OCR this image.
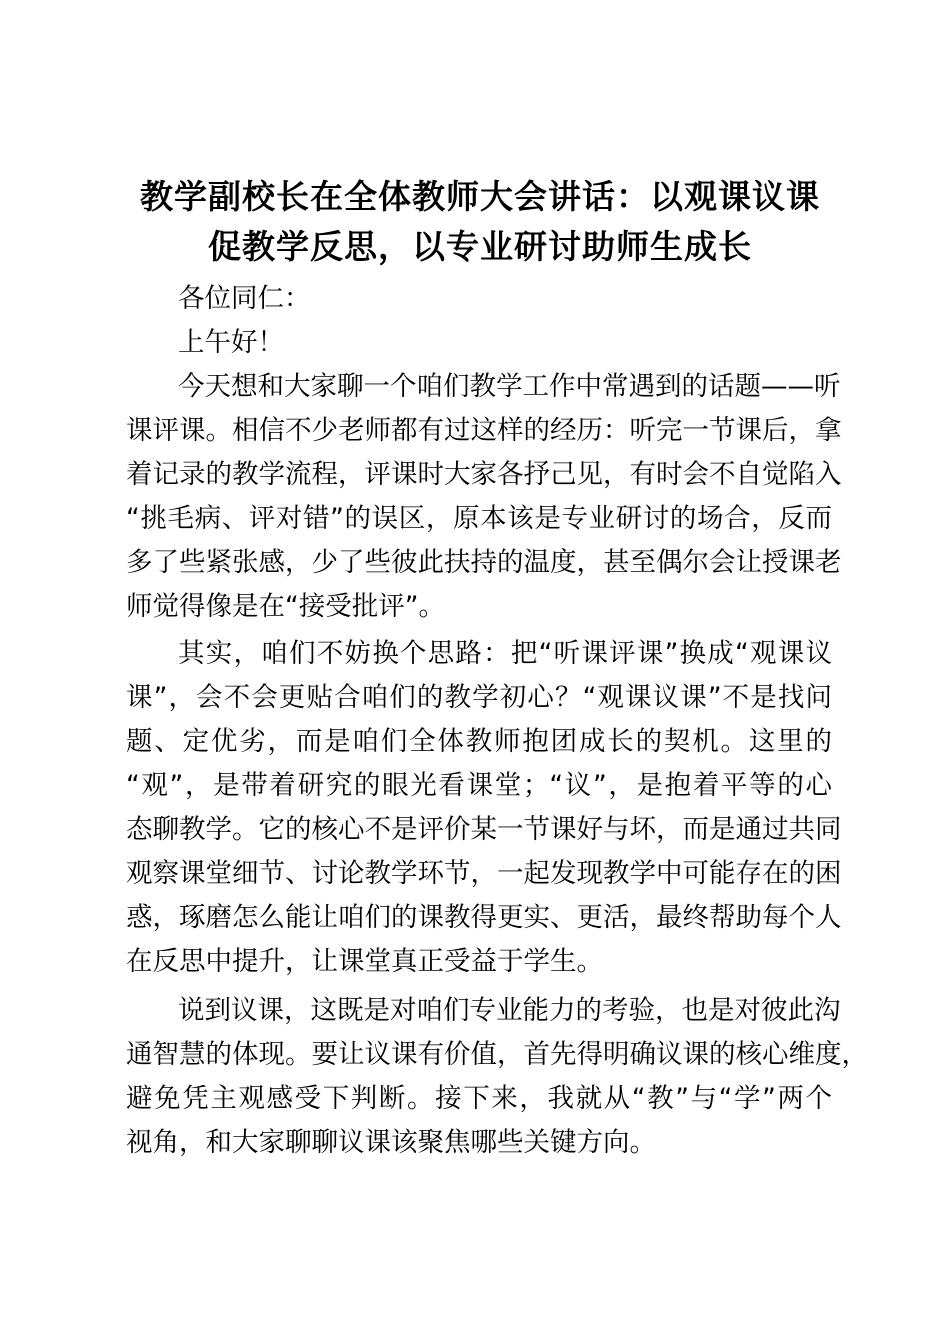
教学副校长在全体教师大会讲话：以观课议课
促教学反思，以专业研讨助师生成长
各位同仁：
上午好！
今天想和大家聊一个咱们教学工作中常遇到的话题——听
课评课。相信不少老师都有过这样的经历：听完一节课后，拿
着记录的教学流程，评课时大家各抒己见，有时会不自觉陷入
“挑毛病、评对错”的误区，原本该是专业研讨的场合，反而
多了些紧张感，少了些彼此扶持的温度，甚至偶尔会让授课老
师觉得像是在“接受批评”。
其实，咱们不妨换个思路：把“听课评课”换成“观课议
课”，会不会更贴合咱们的教学初心？“观课议课”不是找问
题、定优劣，而是咱们全体教师抱团成长的契机。这里的
“观”，是带着研究的眼光看课堂；“议”，是抱着平等的心
态聊教学。它的核心不是评价某一节课好与坏，而是通过共同
观察课堂细节、讨论教学环节，一起发现教学中可能存在的困
惑，琢磨怎么能让咱们的课教得更实、更活，最终帮助每个人
在反思中提升，让课堂真正受益于学生。
说到议课，这既是对咱们专业能力的考验，也是对彼此沟
通智慧的体现。要让议课有价值，首先得明确议课的核心维度，
避免凭主观感受下判断。接下来，我就从“教”与“学”两个
视角，和大家聊聊议课该聚焦哪些关键方向。
